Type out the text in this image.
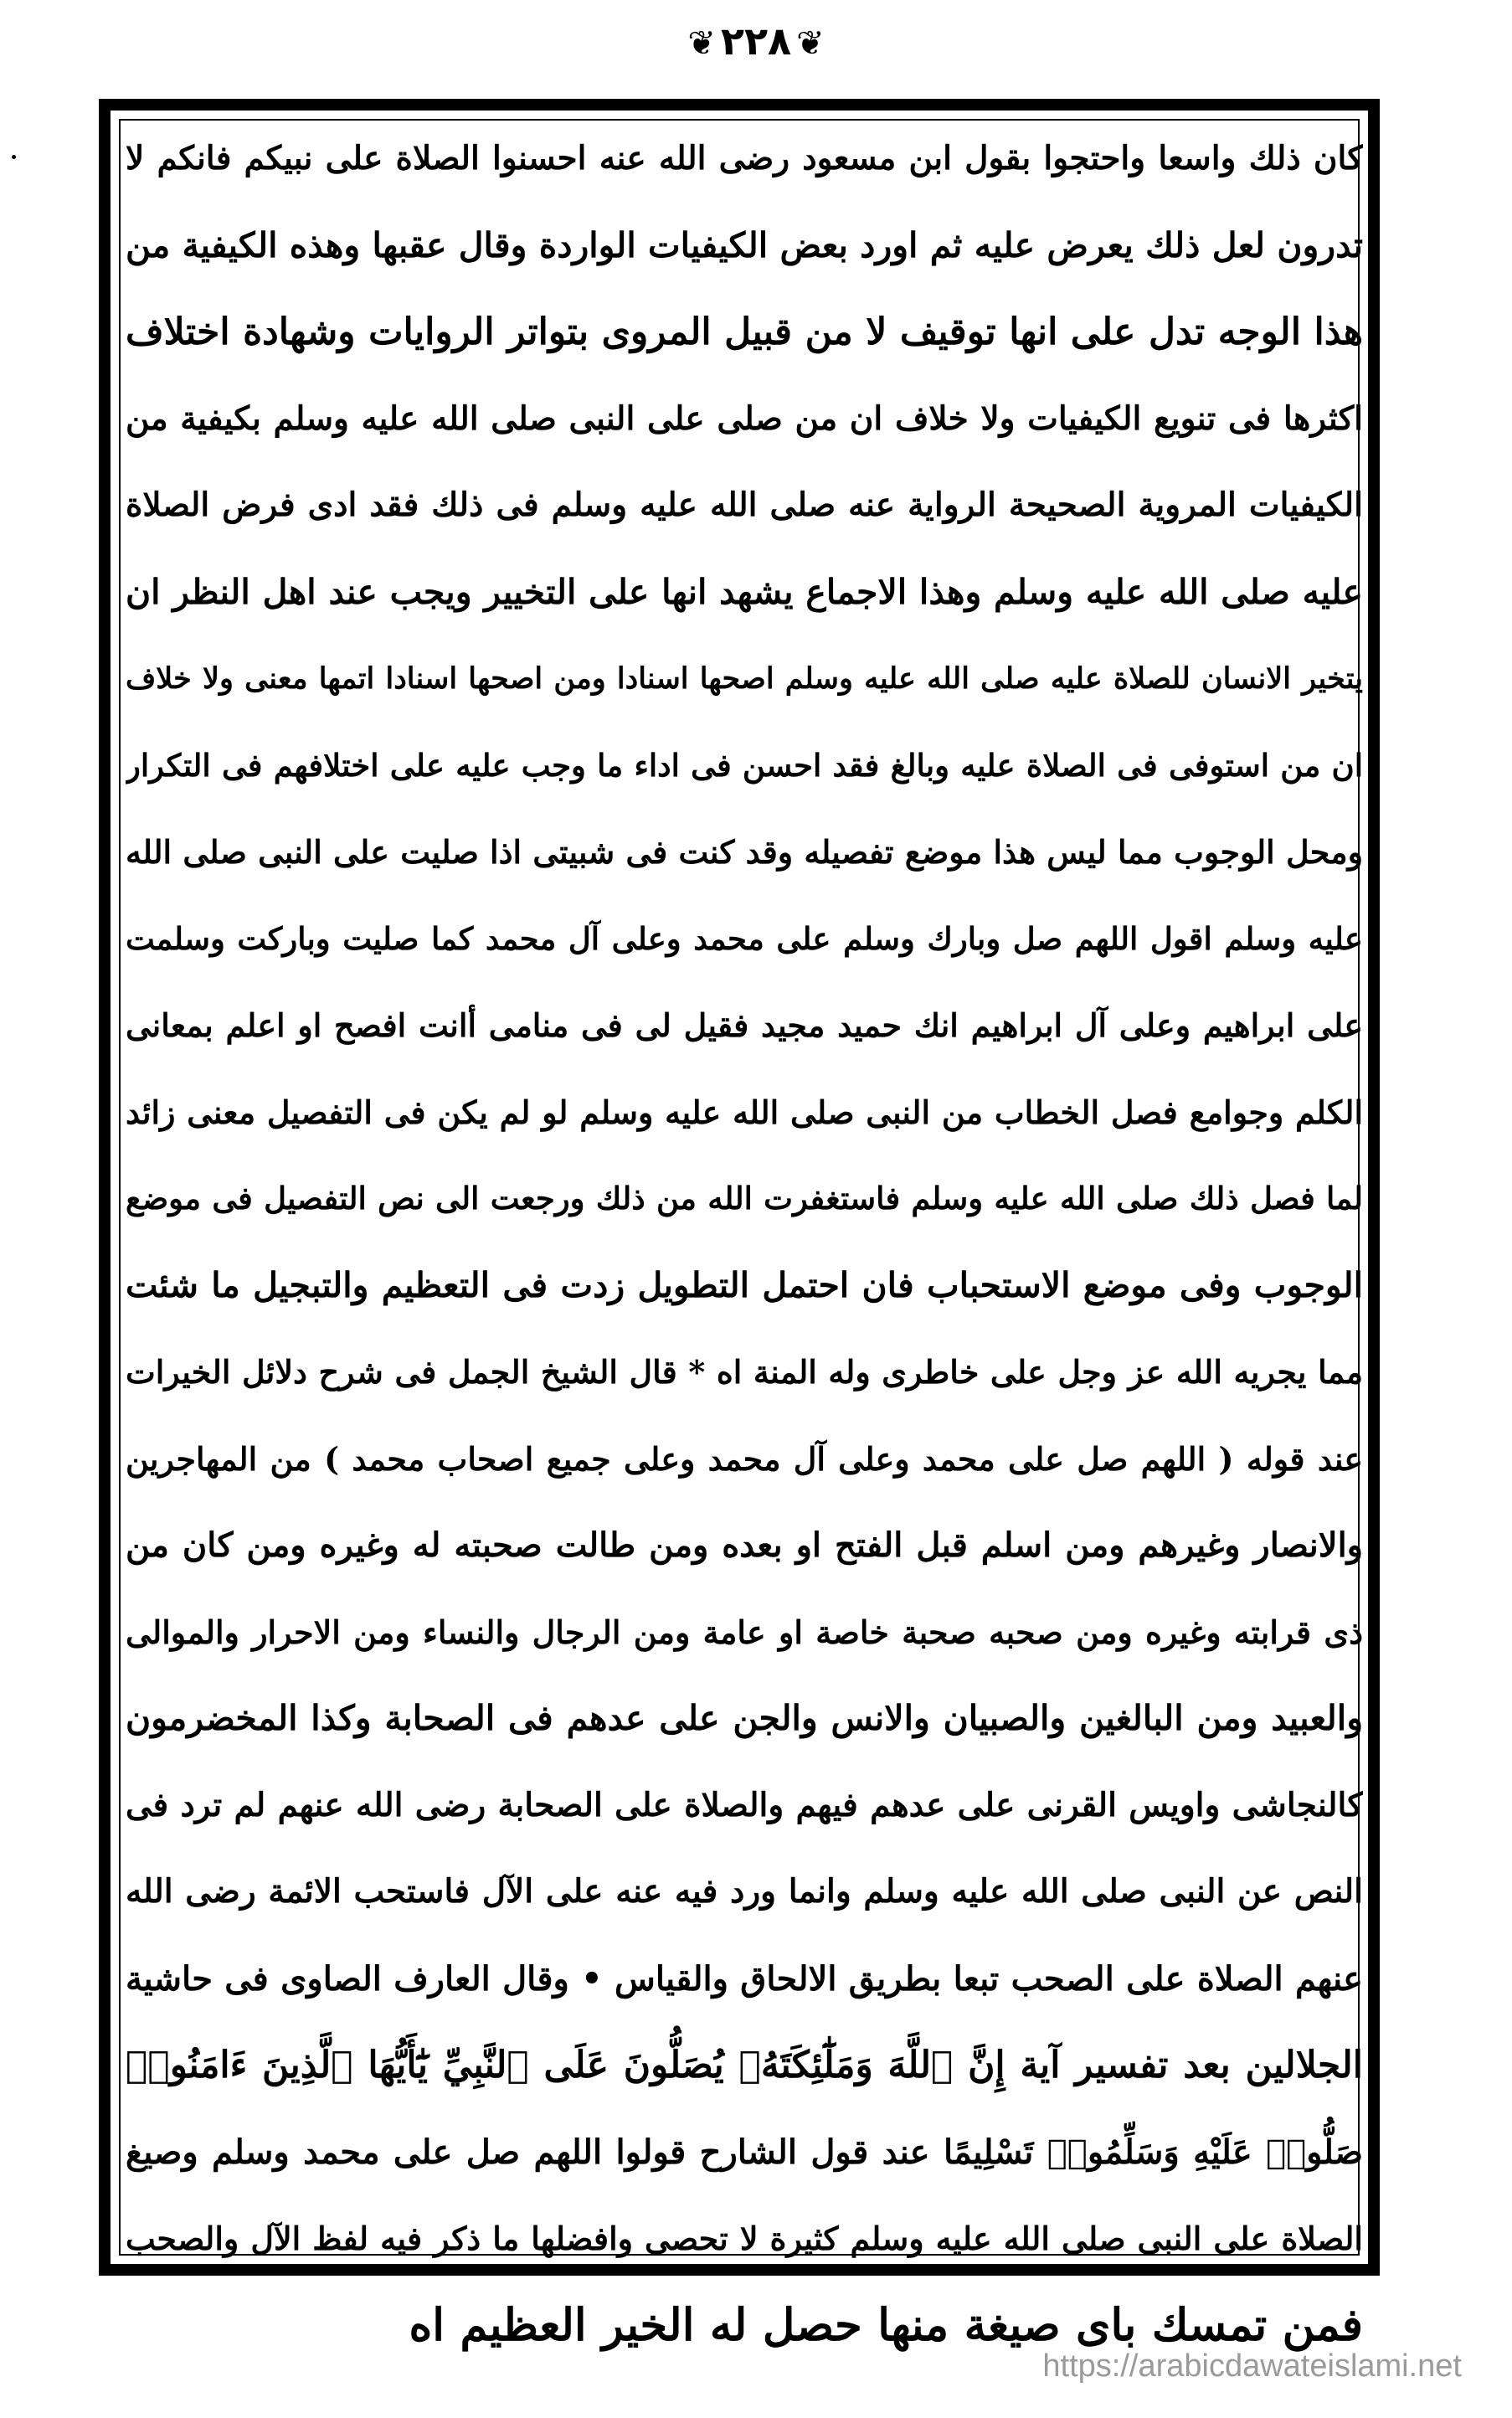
❦۲۲۸❦
كان ذلك واسعا واحتجوا بقول ابن مسعود رضى الله عنه احسنوا الصلاة على نبيكم فانكم لا
تدرون لعل ذلك يعرض عليه ثم اورد بعض الكيفيات الواردة وقال عقبها وهذه الكيفية من
هذا الوجه تدل على انها توقيف لا من قبيل المروى بتواتر الروايات وشهادة اختلاف
اكثرها فى تنويع الكيفيات ولا خلاف ان من صلى على النبى صلى الله عليه وسلم بكيفية من
الكيفيات المروية الصحيحة الرواية عنه صلى الله عليه وسلم فى ذلك فقد ادى فرض الصلاة
عليه صلى الله عليه وسلم وهذا الاجماع يشهد انها على التخيير ويجب عند اهل النظر ان
يتخير الانسان للصلاة عليه صلى الله عليه وسلم اصحها اسنادا ومن اصحها اسنادا اتمها معنى ولا خلاف
ان من استوفى فى الصلاة عليه وبالغ فقد احسن فى اداء ما وجب عليه على اختلافهم فى التكرار
ومحل الوجوب مما ليس هذا موضع تفصيله وقد كنت فى شبيتى اذا صليت على النبى صلى الله
عليه وسلم اقول اللهم صل وبارك وسلم على محمد وعلى آل محمد كما صليت وباركت وسلمت
على ابراهيم وعلى آل ابراهيم انك حميد مجيد فقيل لى فى منامى أانت افصح او اعلم بمعانى
الكلم وجوامع فصل الخطاب من النبى صلى الله عليه وسلم لو لم يكن فى التفصيل معنى زائد
لما فصل ذلك صلى الله عليه وسلم فاستغفرت الله من ذلك ورجعت الى نص التفصيل فى موضع
الوجوب وفى موضع الاستحباب فان احتمل التطويل زدت فى التعظيم والتبجيل ما شئت
مما يجريه الله عز وجل على خاطرى وله المنة اه * قال الشيخ الجمل فى شرح دلائل الخيرات
عند قوله ( اللهم صل على محمد وعلى آل محمد وعلى جميع اصحاب محمد ) من المهاجرين
والانصار وغيرهم ومن اسلم قبل الفتح او بعده ومن طالت صحبته له وغيره ومن كان من
ذى قرابته وغيره ومن صحبه صحبة خاصة او عامة ومن الرجال والنساء ومن الاحرار والموالى
والعبيد ومن البالغين والصبيان والانس والجن على عدهم فى الصحابة وكذا المخضرمون
كالنجاشى واويس القرنى على عدهم فيهم والصلاة على الصحابة رضى الله عنهم لم ترد فى
النص عن النبى صلى الله عليه وسلم وانما ورد فيه عنه على الآل فاستحب الائمة رضى الله
عنهم الصلاة على الصحب تبعا بطريق الالحاق والقياس • وقال العارف الصاوى فى حاشية
الجلالين بعد تفسير آية إِنَّ ٱللَّهَ وَمَلَٰٓئِكَتَهُۥ يُصَلُّونَ عَلَى ٱلنَّبِيِّ يَٰٓأَيُّهَا ٱلَّذِينَ ءَامَنُوا۟
صَلُّوا۟ عَلَيْهِ وَسَلِّمُوا۟ تَسْلِيمًا عند قول الشارح قولوا اللهم صل على محمد وسلم وصيغ
الصلاة على النبى صلى الله عليه وسلم كثيرة لا تحصى وافضلها ما ذكر فيه لفظ الآل والصحب
فمن تمسك باى صيغة منها حصل له الخير العظيم اه
https://arabicdawateislami.net
